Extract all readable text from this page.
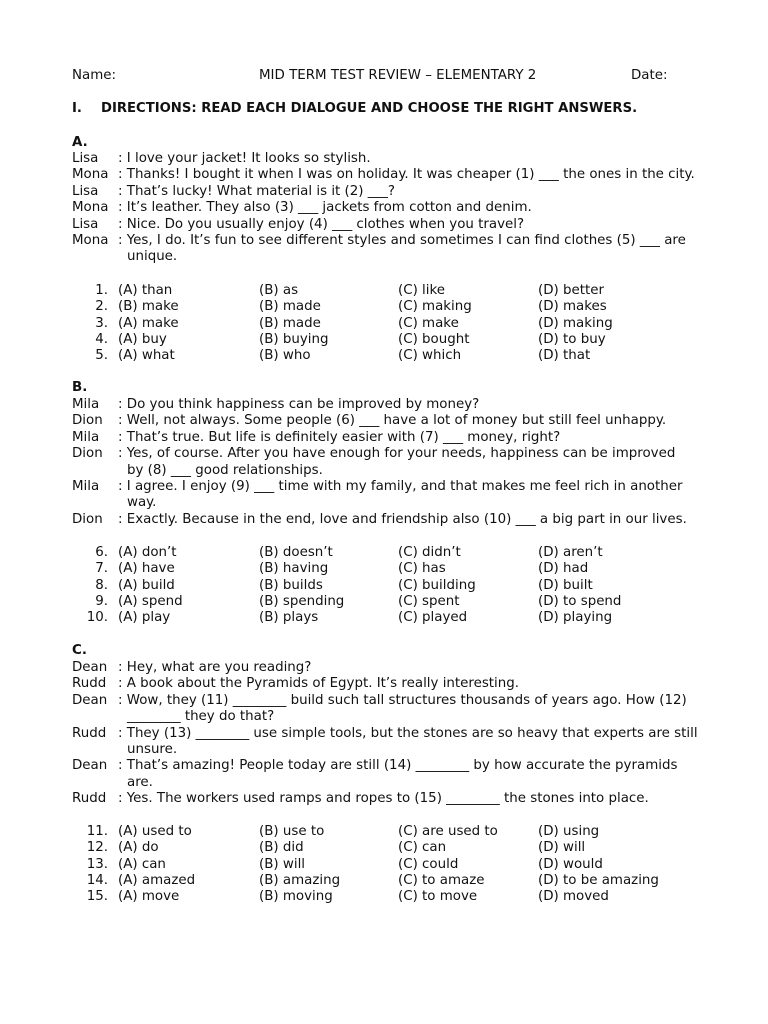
Name:	MID TERM TEST REVIEW – ELEMENTARY 2	Date:
I. DIRECTIONS: READ EACH DIALOGUE AND CHOOSE THE RIGHT ANSWERS.
A.
Lisa : I love your jacket! It looks so stylish.
Mona : Thanks! I bought it when I was on holiday. It was cheaper (1) ___ the ones in the city.
Lisa : That’s lucky! What material is it (2) ___?
Mona : It’s leather. They also (3) ___ jackets from cotton and denim.
Lisa : Nice. Do you usually enjoy (4) ___ clothes when you travel?
Mona : Yes, I do. It’s fun to see different styles and sometimes I can find clothes (5) ___ are
unique.
1. (A) than	(B) as	(C) like	(D) better
2. (B) make	(B) made	(C) making	(D) makes
3. (A) make	(B) made	(C) make	(D) making
4. (A) buy	(B) buying	(C) bought	(D) to buy
5. (A) what	(B) who	(C) which	(D) that
B.
Mila : Do you think happiness can be improved by money?
Dion : Well, not always. Some people (6) ___ have a lot of money but still feel unhappy.
Mila : That’s true. But life is definitely easier with (7) ___ money, right?
Dion : Yes, of course. After you have enough for your needs, happiness can be improved
by (8) ___ good relationships.
Mila : I agree. I enjoy (9) ___ time with my family, and that makes me feel rich in another
way.
Dion : Exactly. Because in the end, love and friendship also (10) ___ a big part in our lives.
6. (A) don’t	(B) doesn’t	(C) didn’t	(D) aren’t
7. (A) have	(B) having	(C) has	(D) had
8. (A) build	(B) builds	(C) building	(D) built
9. (A) spend	(B) spending	(C) spent	(D) to spend
10. (A) play	(B) plays	(C) played	(D) playing
C.
Dean : Hey, what are you reading?
Rudd : A book about the Pyramids of Egypt. It’s really interesting.
Dean : Wow, they (11) ________ build such tall structures thousands of years ago. How (12)
________ they do that?
Rudd : They (13) ________ use simple tools, but the stones are so heavy that experts are still
unsure.
Dean : That’s amazing! People today are still (14) ________ by how accurate the pyramids
are.
Rudd : Yes. The workers used ramps and ropes to (15) ________ the stones into place.
11. (A) used to	(B) use to	(C) are used to	(D) using
12. (A) do	(B) did	(C) can	(D) will
13. (A) can	(B) will	(C) could	(D) would
14. (A) amazed	(B) amazing	(C) to amaze	(D) to be amazing
15. (A) move	(B) moving	(C) to move	(D) moved
